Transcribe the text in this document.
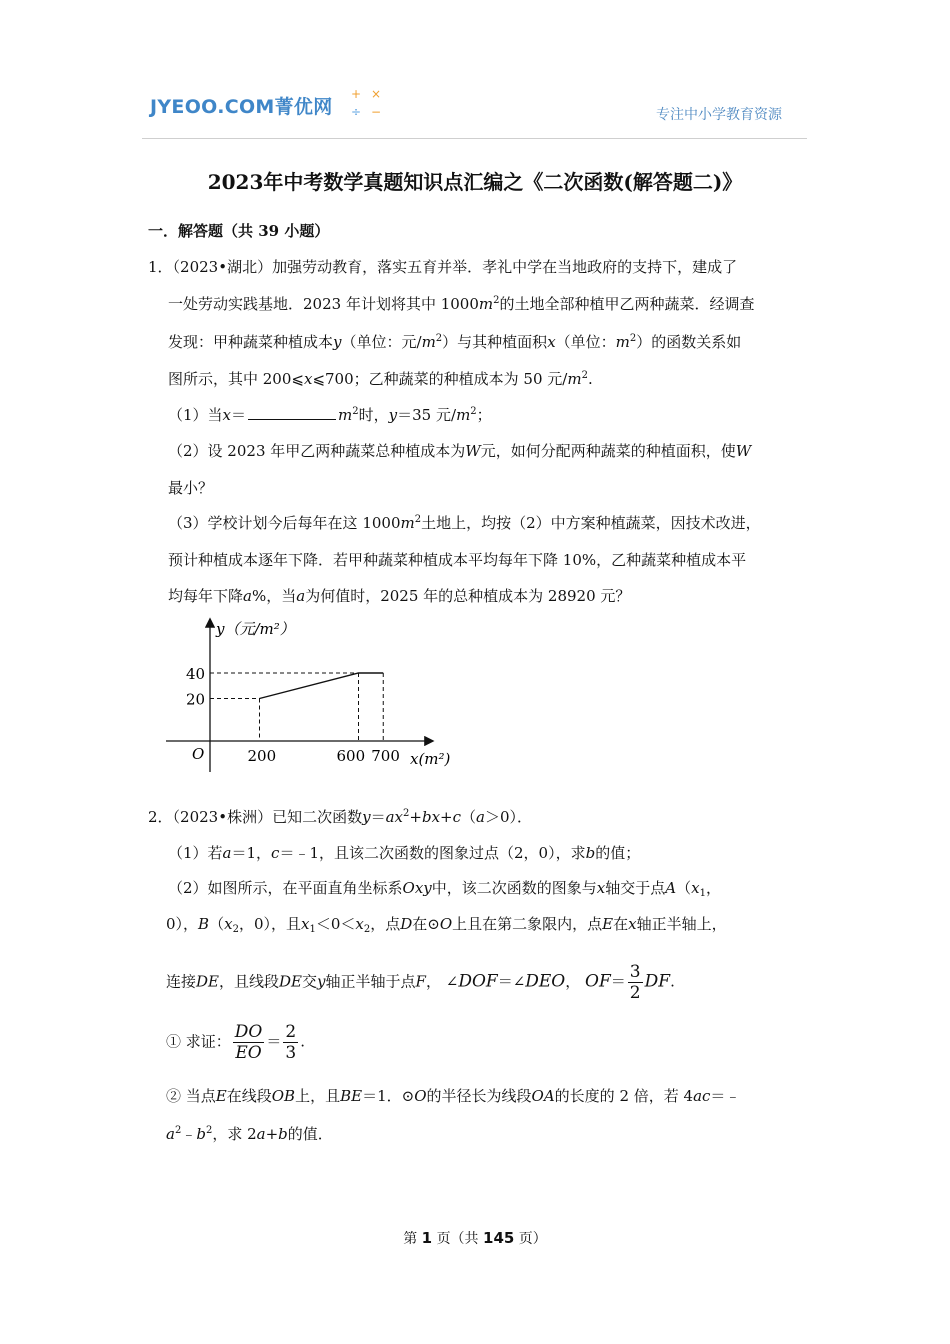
JYEOO.COM菁优网
+ ×
÷ −	专注中小学教育资源
2023年中考数学真题知识点汇编之《二次函数(解答题二)》
一．解答题（共 39 小题）
1．（2023•湖北）加强劳动教育，落实五育并举．孝礼中学在当地政府的支持下，建成了
一处劳动实践基地．2023 年计划将其中 $1000m^2$的土地全部种植甲乙两种蔬菜．经调查
发现：甲种蔬菜种植成本y（单位：元$/m^2$）与其种植面积x（单位：$m^2$）的函数关系如
图所示，其中 200⩽x⩽700；乙种蔬菜的种植成本为 50 元$/m^2$.
（1）当x＝	$m^2$时，y＝35 元$/m^2$；
（2）设 2023 年甲乙两种蔬菜总种植成本为W元，如何分配两种蔬菜的种植面积，使W
最小？
（3）学校计划今后每年在这 $1000m^2$土地上，均按（2）中方案种植蔬菜，因技术改进，
预计种植成本逐年下降．若甲种蔬菜种植成本平均每年下降 10%，乙种蔬菜种植成本平
均每年下降a%，当a为何值时，2025 年的总种植成本为 28920 元？
y（元/m²）
x(m²)
O	200	600 700
40
20
2．（2023•株洲）已知二次函数$y=ax^2+bx+c(a>0)$．
（1）若a＝1，c＝﹣1，且该二次函数的图象过点（2，0），求b的值；
（2）如图所示，在平面直角坐标系Oxy中，该二次函数的图象与x轴交于点$A(x_1$，
0），$B(x_2$，0），且$x_1<0<x_2$，点D在⊙O上且在第二象限内，点E在x轴正半轴上，
连接DE，且线段DE交y轴正半轴于点F， ∠DOF＝∠DEO， $OF= \frac{3}{2}$ DF.
① 求证： $\frac{DO}{EO} = \frac{2}{3}$ .
② 当点E在线段OB上，且BE＝1．⊙O的半径长为线段OA的长度的 2 倍，若 4ac＝﹣
$a^2﹣b^2$，求 2a+b的值．
第 1 页（共 145 页）
